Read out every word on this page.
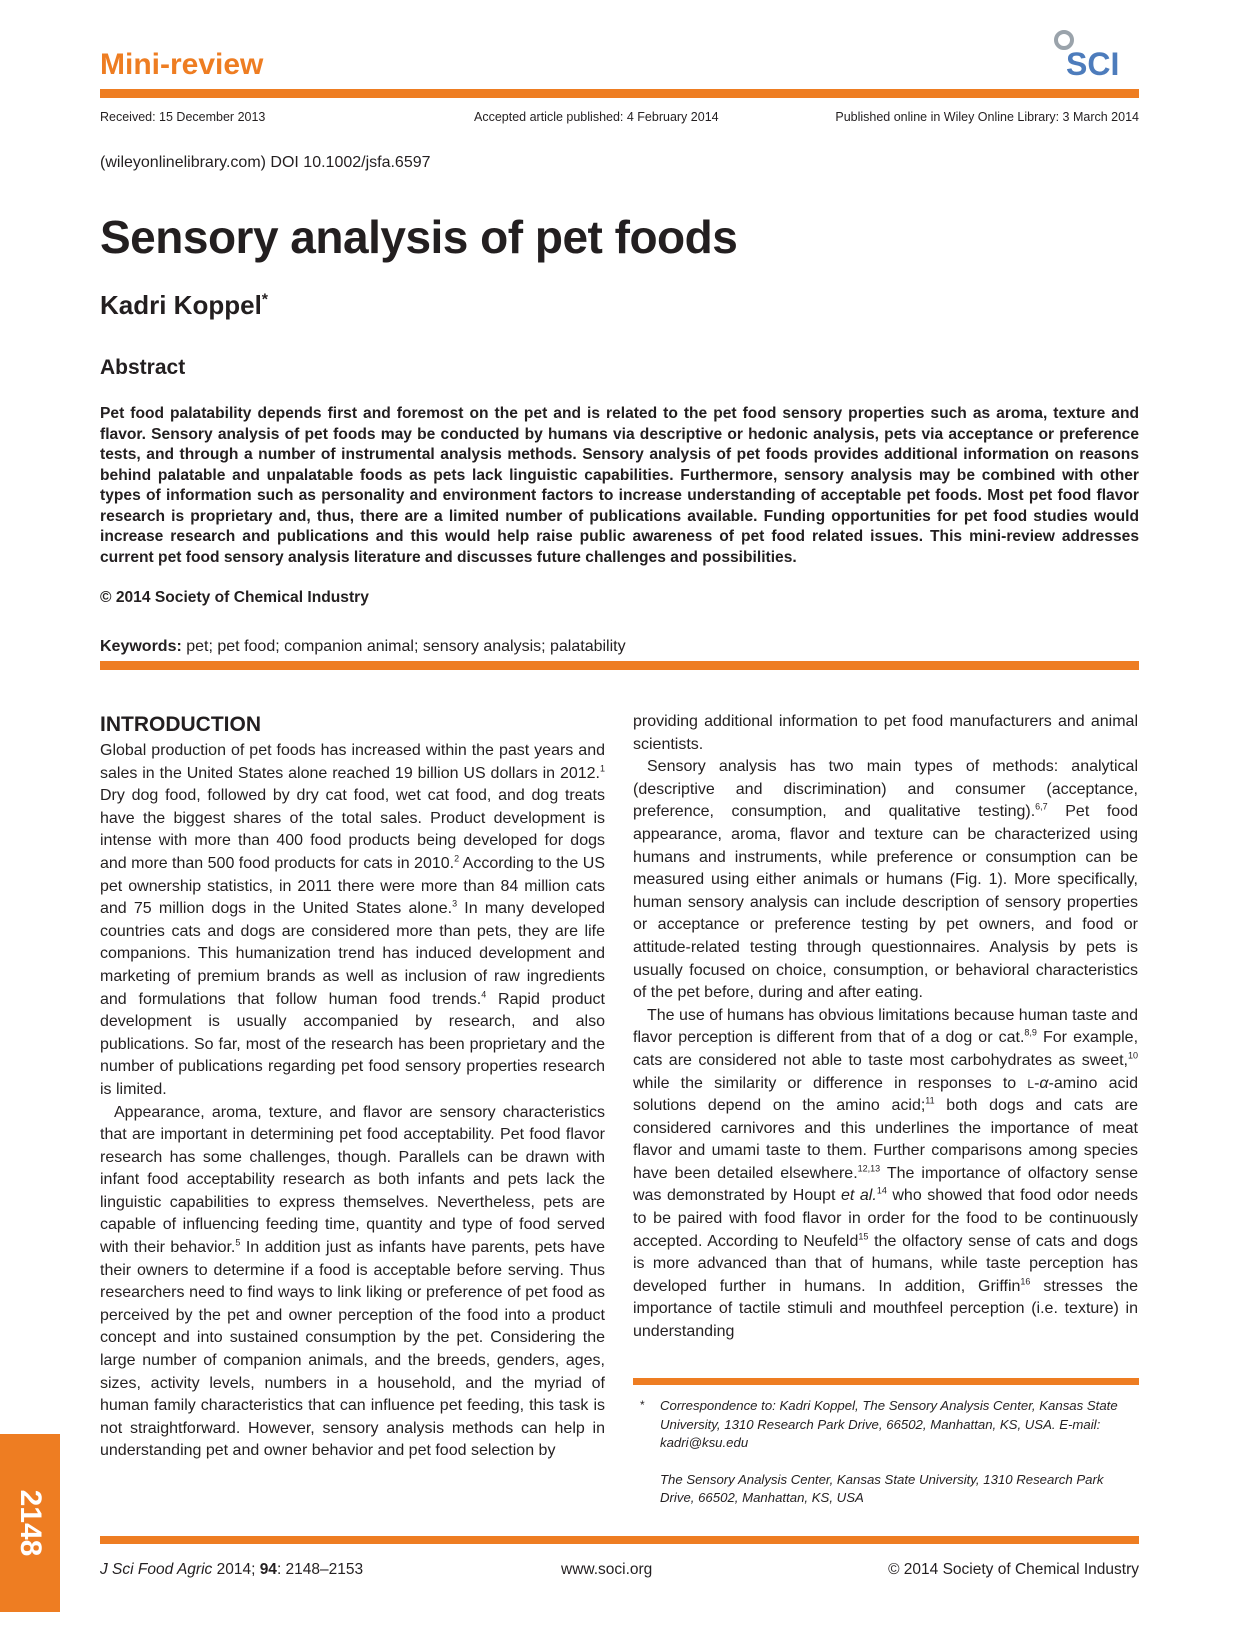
Mini-review	SCI
Received: 15 December 2013	Accepted article published: 4 February 2014	Published online in Wiley Online Library: 3 March 2014
(wileyonlinelibrary.com) DOI 10.1002/jsfa.6597
Sensory analysis of pet foods
Kadri Koppel*
Abstract

Pet food palatability depends first and foremost on the pet and is related to the pet food sensory properties such as aroma, texture and flavor. Sensory analysis of pet foods may be conducted by humans via descriptive or hedonic analysis, pets via acceptance or preference tests, and through a number of instrumental analysis methods. Sensory analysis of pet foods provides additional information on reasons behind palatable and unpalatable foods as pets lack linguistic capabilities. Furthermore, sensory analysis may be combined with other types of information such as personality and environment factors to increase understanding of acceptable pet foods. Most pet food flavor research is proprietary and, thus, there are a limited number of publications available. Funding opportunities for pet food studies would increase research and publications and this would help raise public awareness of pet food related issues. This mini-review addresses current pet food sensory analysis literature and discusses future challenges and possibilities.

© 2014 Society of Chemical Industry
Keywords: pet; pet food; companion animal; sensory analysis; palatability
INTRODUCTION

Global production of pet foods has increased within the past years and sales in the United States alone reached 19 billion US dollars in 2012.$^1$ Dry dog food, followed by dry cat food, wet cat food, and dog treats have the biggest shares of the total sales. Product development is intense with more than 400 food products being developed for dogs and more than 500 food products for cats in 2010.$^2$ According to the US pet ownership statistics, in 2011 there were more than 84 million cats and 75 million dogs in the United States alone.$^3$ In many developed countries cats and dogs are considered more than pets, they are life companions. This humanization trend has induced development and marketing of premium brands as well as inclusion of raw ingredients and formulations that follow human food trends.$^4$ Rapid product development is usually accompanied by research, and also publications. So far, most of the research has been proprietary and the number of publications regarding pet food sensory properties research is limited.

Appearance, aroma, texture, and flavor are sensory characteristics that are important in determining pet food acceptability. Pet food flavor research has some challenges, though. Parallels can be drawn with infant food acceptability research as both infants and pets lack the linguistic capabilities to express themselves. Nevertheless, pets are capable of influencing feeding time, quantity and type of food served with their behavior.$^5$ In addition just as infants have parents, pets have their owners to determine if a food is acceptable before serving. Thus researchers need to find ways to link liking or preference of pet food as perceived by the pet and owner perception of the food into a product concept and into sustained consumption by the pet. Considering the large number of companion animals, and the breeds, genders, ages, sizes, activity levels, numbers in a household, and the myriad of human family characteristics that can influence pet feeding, this task is not straightforward. However, sensory analysis methods can help in understanding pet and owner behavior and pet food selection by

providing additional information to pet food manufacturers and animal scientists.

Sensory analysis has two main types of methods: analytical (descriptive and discrimination) and consumer (acceptance, preference, consumption, and qualitative testing).$^{6,7}$ Pet food appearance, aroma, flavor and texture can be characterized using humans and instruments, while preference or consumption can be measured using either animals or humans (Fig. 1). More specifically, human sensory analysis can include description of sensory properties or acceptance or preference testing by pet owners, and food or attitude-related testing through questionnaires. Analysis by pets is usually focused on choice, consumption, or behavioral characteristics of the pet before, during and after eating.

The use of humans has obvious limitations because human taste and flavor perception is different from that of a dog or cat.$^{8,9}$ For example, cats are considered not able to taste most carbohydrates as sweet,$^{10}$ while the similarity or difference in responses to L-α-amino acid solutions depend on the amino acid;$^{11}$ both dogs and cats are considered carnivores and this underlines the importance of meat flavor and umami taste to them. Further comparisons among species have been detailed elsewhere.$^{12,13}$ The importance of olfactory sense was demonstrated by Houpt et al.$^{14}$ who showed that food odor needs to be paired with food flavor in order for the food to be continuously accepted. According to Neufeld$^{15}$ the olfactory sense of cats and dogs is more advanced than that of humans, while taste perception has developed further in humans. In addition, Griffin$^{16}$ stresses the importance of tactile stimuli and mouthfeel perception (i.e. texture) in understanding

* Correspondence to: Kadri Koppel, The Sensory Analysis Center, Kansas State University, 1310 Research Park Drive, 66502, Manhattan, KS, USA. E-mail: kadri@ksu.edu

The Sensory Analysis Center, Kansas State University, 1310 Research Park Drive, 66502, Manhattan, KS, USA

2148
J Sci Food Agric 2014; 94: 2148–2153	www.soci.org	© 2014 Society of Chemical Industry
